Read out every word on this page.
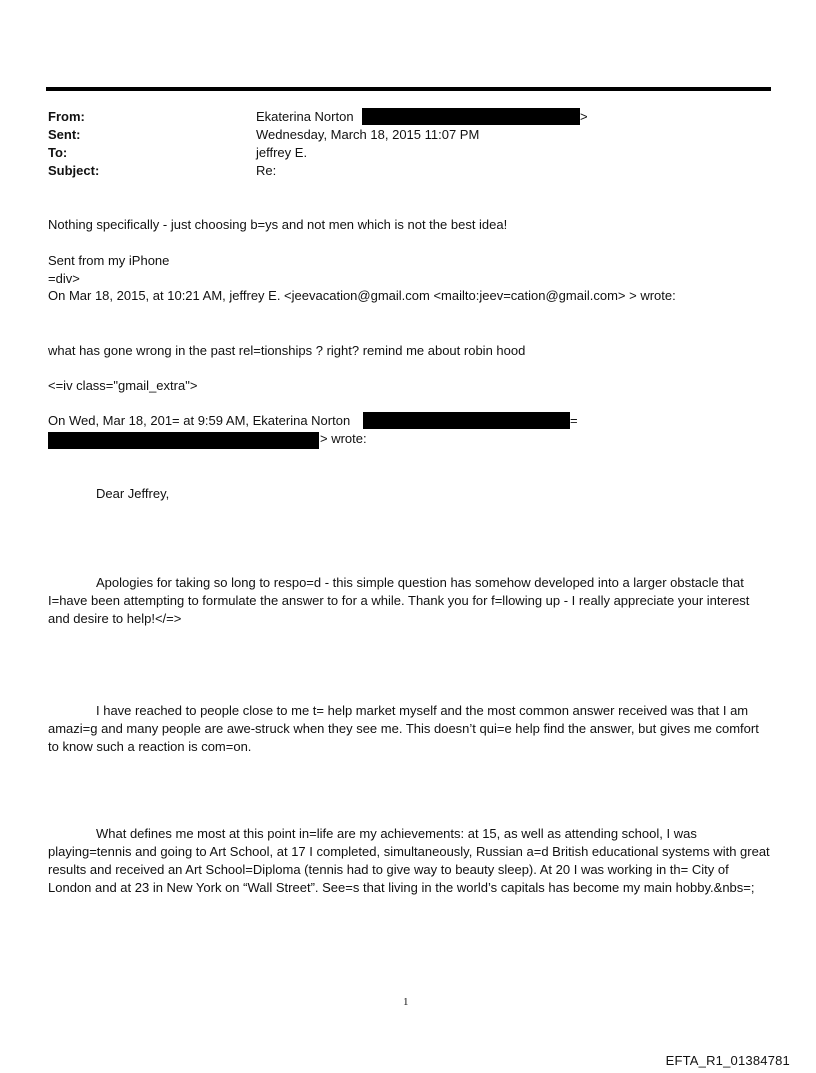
From:	Ekaterina Norton	>
Sent:	Wednesday, March 18, 2015 11:07 PM
To:	jeffrey E.
Subject:	Re:
Nothing specifically - just choosing b=ys and not men which is not the best idea!
Sent from my iPhone
=div>
On Mar 18, 2015, at 10:21 AM, jeffrey E. <jeevacation@gmail.com <mailto:jeev=cation@gmail.com> > wrote:
what has gone wrong in the past rel=tionships ? right? remind me about robin hood
<=iv class="gmail_extra">
On Wed, Mar 18, 201= at 9:59 AM, Ekaterina Norton	=
> wrote:
Dear Jeffrey,
Apologies for taking so long to respo=d - this simple question has somehow developed into a larger obstacle that I=have been attempting to formulate the answer to for a while. Thank you for f=llowing up - I really appreciate your interest and desire to help!</=>
I have reached to people close to me t= help market myself and the most common answer received was that I am amazi=g and many people are awe-struck when they see me. This doesn’t qui=e help find the answer, but gives me comfort to know such a reaction is com=on.
What defines me most at this point in=life are my achievements: at 15, as well as attending school, I was playing=tennis and going to Art School, at 17 I completed, simultaneously, Russian a=d British educational systems with great results and received an Art School=Diploma (tennis had to give way to beauty sleep). At 20 I was working in th= City of London and at 23 in New York on “Wall Street”. See=s that living in the world’s capitals has become my main hobby.&nbs=;
1
EFTA_R1_01384781
